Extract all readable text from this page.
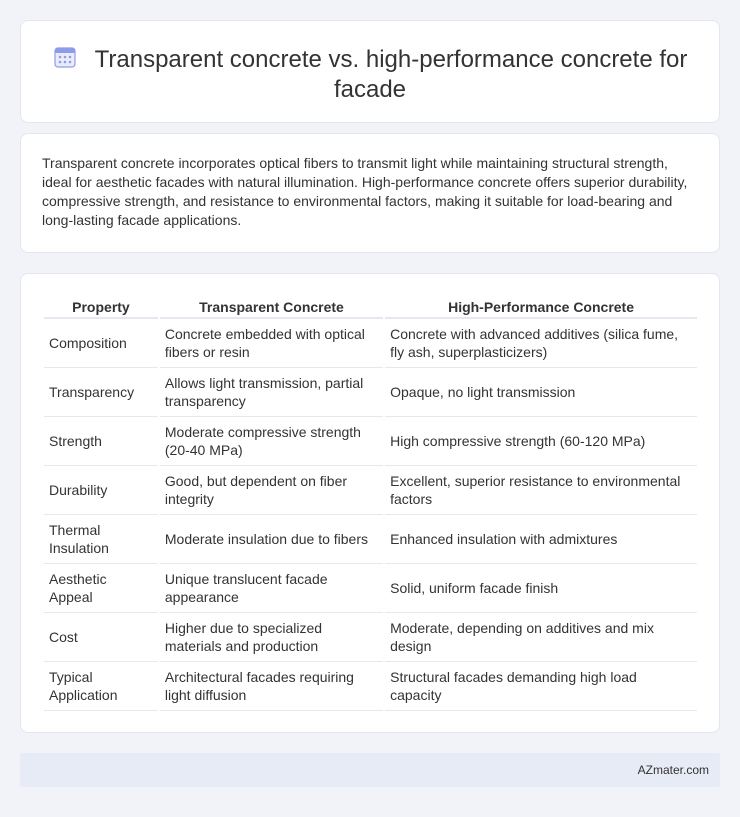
Transparent concrete vs. high-performance concrete for facade

Transparent concrete incorporates optical fibers to transmit light while maintaining structural strength, ideal for aesthetic facades with natural illumination. High-performance concrete offers superior durability, compressive strength, and resistance to environmental factors, making it suitable for load-bearing and long-lasting facade applications.

Property	Transparent Concrete	High-Performance Concrete
Composition	Concrete embedded with optical fibers or resin	Concrete with advanced additives (silica fume, fly ash, superplasticizers)
Transparency	Allows light transmission, partial transparency	Opaque, no light transmission
Strength	Moderate compressive strength (20-40 MPa)	High compressive strength (60-120 MPa)
Durability	Good, but dependent on fiber integrity	Excellent, superior resistance to environmental factors
Thermal Insulation	Moderate insulation due to fibers	Enhanced insulation with admixtures
Aesthetic Appeal	Unique translucent facade appearance	Solid, uniform facade finish
Cost	Higher due to specialized materials and production	Moderate, depending on additives and mix design
Typical Application	Architectural facades requiring light diffusion	Structural facades demanding high load capacity
AZmater.com
